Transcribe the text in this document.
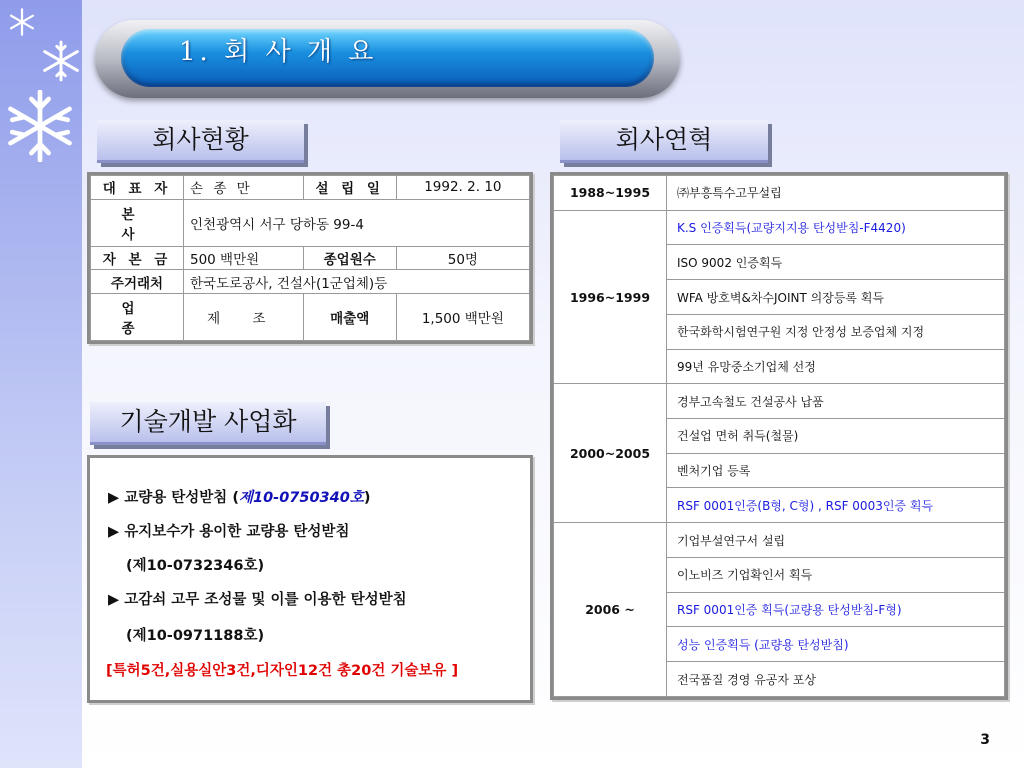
1. 회 사 개 요
회사현황	회사연혁
기술개발 사업화
대 표 자	손 종 만	설 립 일	1992. 2. 10
본 사	인천광역시 서구 당하동 99-4		
자 본 금	500 백만원	종업원수	50명
주거래처	한국도로공사, 건설사(1군업체)등		
업 종	제 조	매출액	1,500 백만원
1988~1995	㈜부흥특수고무설립
1996~1999	K.S 인증획득(교량지지용 탄성받침-F4420)
	ISO 9002 인증획득
	WFA 방호벽&차수JOINT 의장등록 획득
	한국화학시험연구원 지정 안정성 보증업체 지정
	99년 유망중소기업체 선정
2000~2005	경부고속철도 건설공사 납품
	건설업 면허 취득(철물)
	벤처기업 등록
	RSF 0001인증(B형, C형) , RSF 0003인증 획득
2006 ~	기업부설연구서 설립
	이노비즈 기업확인서 획득
	RSF 0001인증 획득(교량용 탄성받침-F형)
	성능 인증획득 (교량용 탄성받침)
	전국품질 경영 유공자 포상
▶ 교량용 탄성받침 (제10-0750340호)
▶ 유지보수가 용이한 교량용 탄성받침
(제10-0732346호)
▶ 고감쇠 고무 조성물 및 이를 이용한 탄성받침
(제10-0971188호)
[특허5건,실용실안3건,디자인12건 총20건 기술보유 ]
3
